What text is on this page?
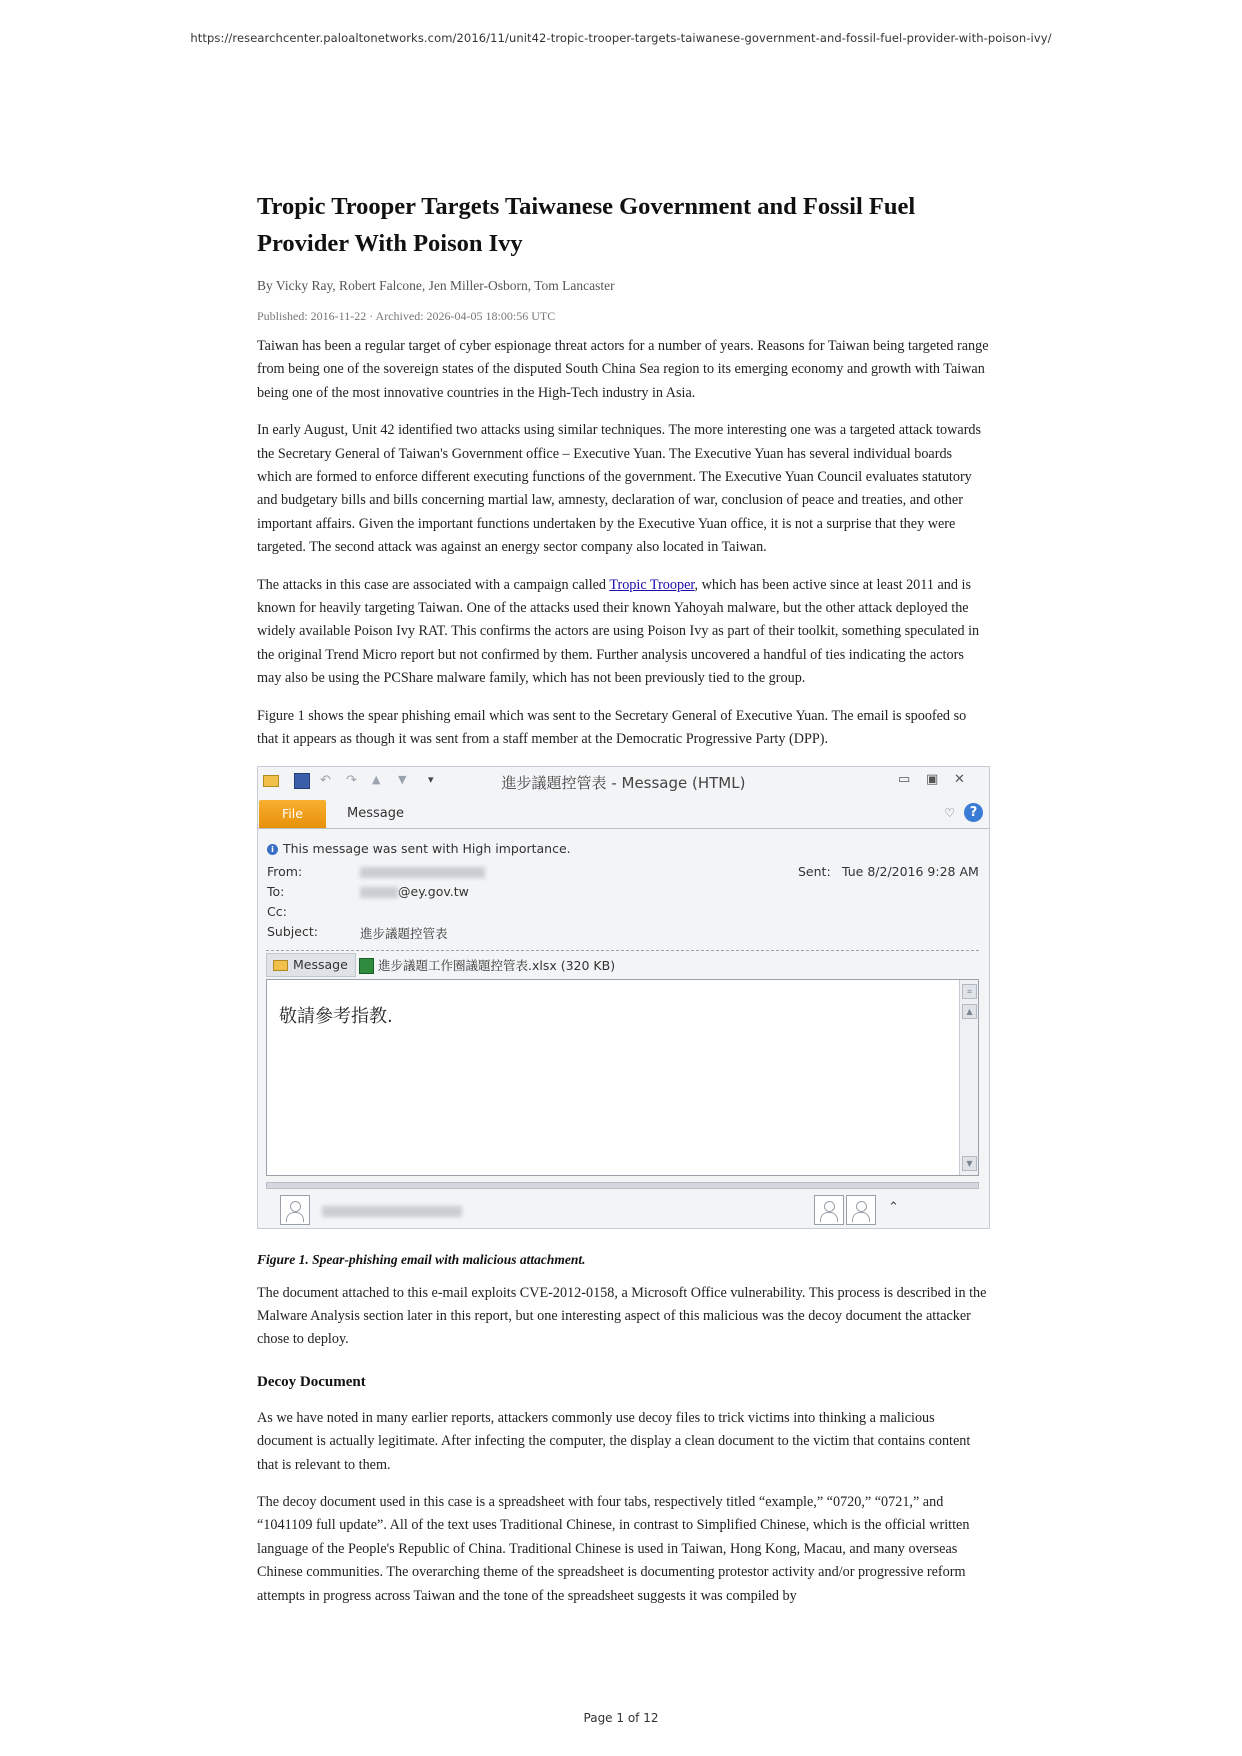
https://researchcenter.paloaltonetworks.com/2016/11/unit42-tropic-trooper-targets-taiwanese-government-and-fossil-fuel-provider-with-poison-ivy/
Tropic Trooper Targets Taiwanese Government and Fossil Fuel Provider With Poison Ivy
By Vicky Ray, Robert Falcone, Jen Miller-Osborn, Tom Lancaster
Published: 2016-11-22 · Archived: 2026-04-05 18:00:56 UTC

Taiwan has been a regular target of cyber espionage threat actors for a number of years. Reasons for Taiwan being targeted range from being one of the sovereign states of the disputed South China Sea region to its emerging economy and growth with Taiwan being one of the most innovative countries in the High-Tech industry in Asia.

In early August, Unit 42 identified two attacks using similar techniques. The more interesting one was a targeted attack towards the Secretary General of Taiwan's Government office – Executive Yuan. The Executive Yuan has several individual boards which are formed to enforce different executing functions of the government. The Executive Yuan Council evaluates statutory and budgetary bills and bills concerning martial law, amnesty, declaration of war, conclusion of peace and treaties, and other important affairs. Given the important functions undertaken by the Executive Yuan office, it is not a surprise that they were targeted. The second attack was against an energy sector company also located in Taiwan.

The attacks in this case are associated with a campaign called Tropic Trooper, which has been active since at least 2011 and is known for heavily targeting Taiwan. One of the attacks used their known Yahoyah malware, but the other attack deployed the widely available Poison Ivy RAT. This confirms the actors are using Poison Ivy as part of their toolkit, something speculated in the original Trend Micro report but not confirmed by them. Further analysis uncovered a handful of ties indicating the actors may also be using the PCShare malware family, which has not been previously tied to the group.

Figure 1 shows the spear phishing email which was sent to the Secretary General of Executive Yuan. The email is spoofed so that it appears as though it was sent from a staff member at the Democratic Progressive Party (DPP).

↶ ↷ ▲	▼	▾	進步議題控管表 - Message (HTML)	▭ ▣ ✕
File	Message	♡	?
i This message was sent with High importance.
From:	Sent: Tue 8/2/2016 9:28 AM
To:	@ey.gov.tw
Cc:
Subject:	進步議題控管表
Message	進步議題工作圈議題控管表.xlsx (320 KB)
敬請參考指教.
⌗
▲
▼
⌃
Figure 1. Spear-phishing email with malicious attachment.

The document attached to this e-mail exploits CVE-2012-0158, a Microsoft Office vulnerability. This process is described in the Malware Analysis section later in this report, but one interesting aspect of this malicious was the decoy document the attacker chose to deploy.

Decoy Document

As we have noted in many earlier reports, attackers commonly use decoy files to trick victims into thinking a malicious document is actually legitimate. After infecting the computer, the display a clean document to the victim that contains content that is relevant to them.

The decoy document used in this case is a spreadsheet with four tabs, respectively titled “example,” “0720,” “0721,” and “1041109 full update”. All of the text uses Traditional Chinese, in contrast to Simplified Chinese, which is the official written language of the People's Republic of China. Traditional Chinese is used in Taiwan, Hong Kong, Macau, and many overseas Chinese communities. The overarching theme of the spreadsheet is documenting protestor activity and/or progressive reform attempts in progress across Taiwan and the tone of the spreadsheet suggests it was compiled by

Page 1 of 12
